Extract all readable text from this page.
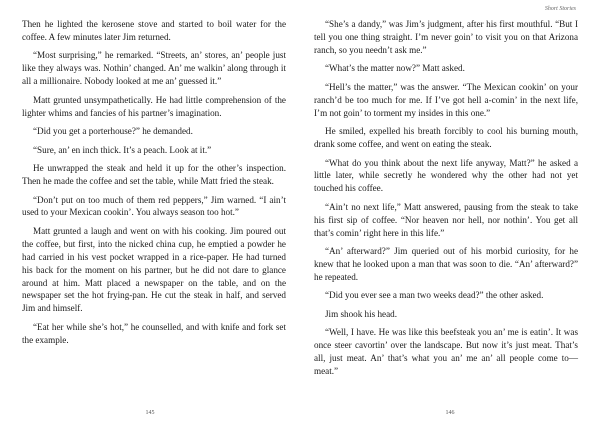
Then he lighted the kerosene stove and started to boil water for the coffee. A few minutes later Jim returned.

“Most surprising,” he remarked. “Streets, an’ stores, an’ people just like they always was. Nothin’ changed. An’ me walkin’ along through it all a millionaire. Nobody looked at me an’ guessed it.”

Matt grunted unsympathetically. He had little comprehension of the lighter whims and fancies of his partner’s imagination.

“Did you get a porterhouse?” he demanded.

“Sure, an’ en inch thick. It’s a peach. Look at it.”

He unwrapped the steak and held it up for the other’s inspection. Then he made the coffee and set the table, while Matt fried the steak.

“Don’t put on too much of them red peppers,” Jim warned. “I ain’t used to your Mexican cookin’. You always season too hot.”

Matt grunted a laugh and went on with his cooking. Jim poured out the coffee, but first, into the nicked china cup, he emptied a powder he had carried in his vest pocket wrapped in a rice-paper. He had turned his back for the moment on his partner, but he did not dare to glance around at him. Matt placed a newspaper on the table, and on the newspaper set the hot frying-pan. He cut the steak in half, and served Jim and himself.

“Eat her while she’s hot,” he counselled, and with knife and fork set the example.

145
Short Stories

“She’s a dandy,” was Jim’s judgment, after his first mouthful. “But I tell you one thing straight. I’m never goin’ to visit you on that Arizona ranch, so you needn’t ask me.”

“What’s the matter now?” Matt asked.

“Hell’s the matter,” was the answer. “The Mexican cookin’ on your ranch’d be too much for me. If I’ve got hell a-comin’ in the next life, I’m not goin’ to torment my insides in this one.”

He smiled, expelled his breath forcibly to cool his burning mouth, drank some coffee, and went on eating the steak.

“What do you think about the next life anyway, Matt?” he asked a little later, while secretly he wondered why the other had not yet touched his coffee.

“Ain’t no next life,” Matt answered, pausing from the steak to take his first sip of coffee. “Nor heaven nor hell, nor nothin’. You get all that’s comin’ right here in this life.”

“An’ afterward?” Jim queried out of his morbid curiosity, for he knew that he looked upon a man that was soon to die. “An’ afterward?” he repeated.

“Did you ever see a man two weeks dead?” the other asked.

Jim shook his head.

“Well, I have. He was like this beefsteak you an’ me is eatin’. It was once steer cavortin’ over the landscape. But now it’s just meat. That’s all, just meat. An’ that’s what you an’ me an’ all people come to—meat.”

146
